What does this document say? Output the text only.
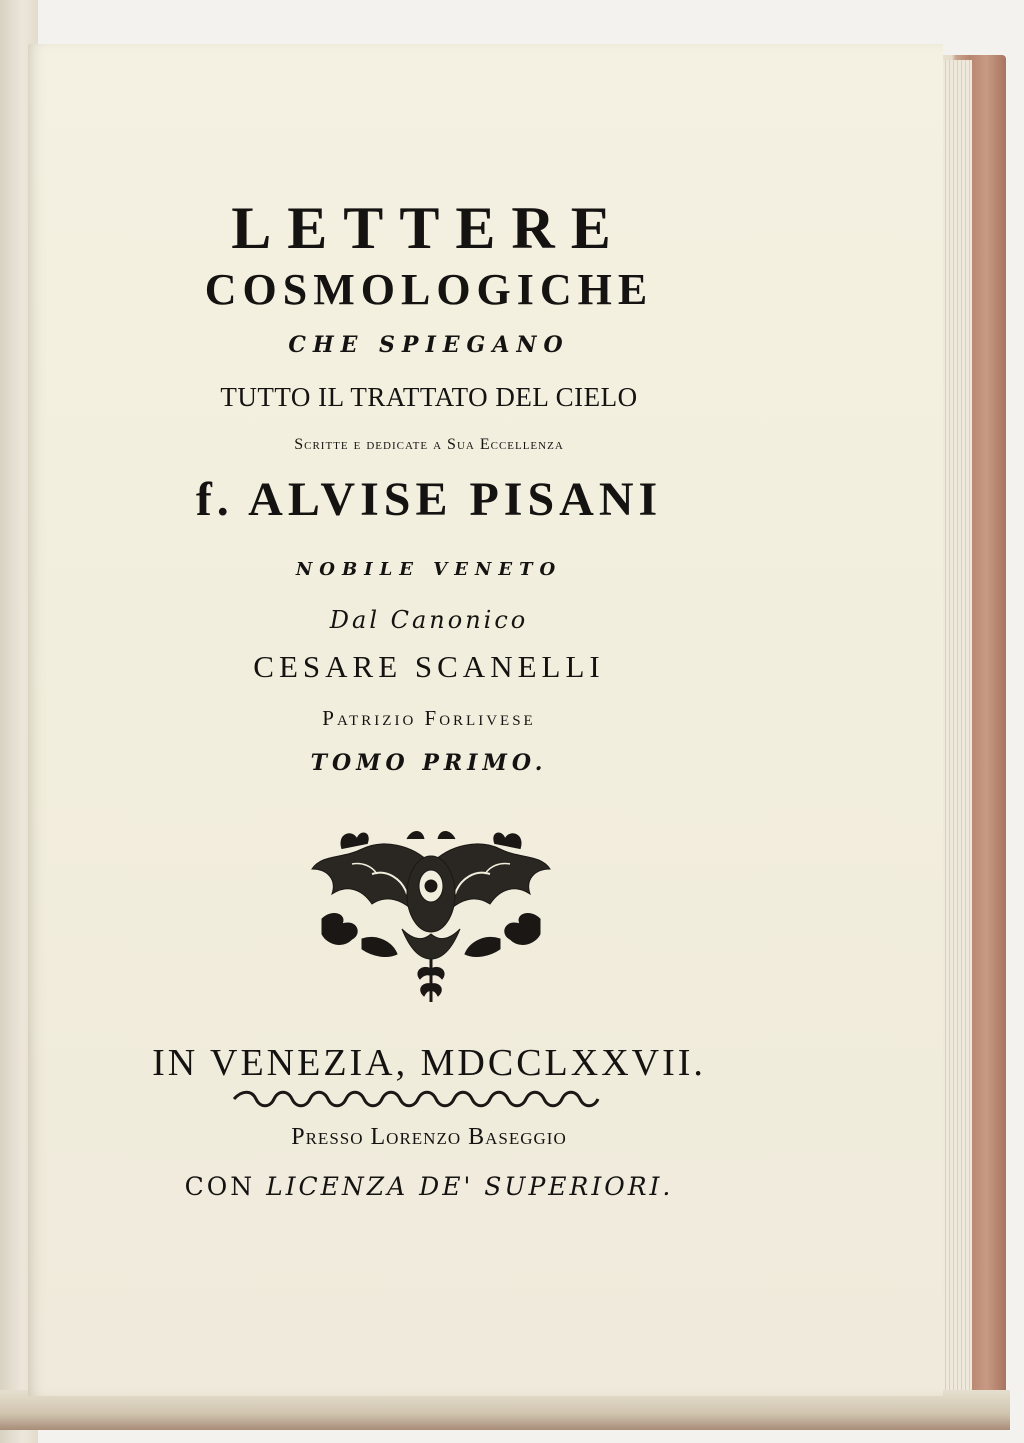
LETTERE
COSMOLOGICHE
CHE SPIEGANO
TUTTO IL TRATTATO DEL CIELO
Scritte e dedicate a Sua Eccellenza
f. ALVISE PISANI
NOBILE VENETO
Dal Canonico
CESARE SCANELLI
Patrizio Forlivese
TOMO PRIMO.
IN VENEZIA, MDCCLXXVII.
Presso Lorenzo Baseggio
CON LICENZA DE' SUPERIORI.
